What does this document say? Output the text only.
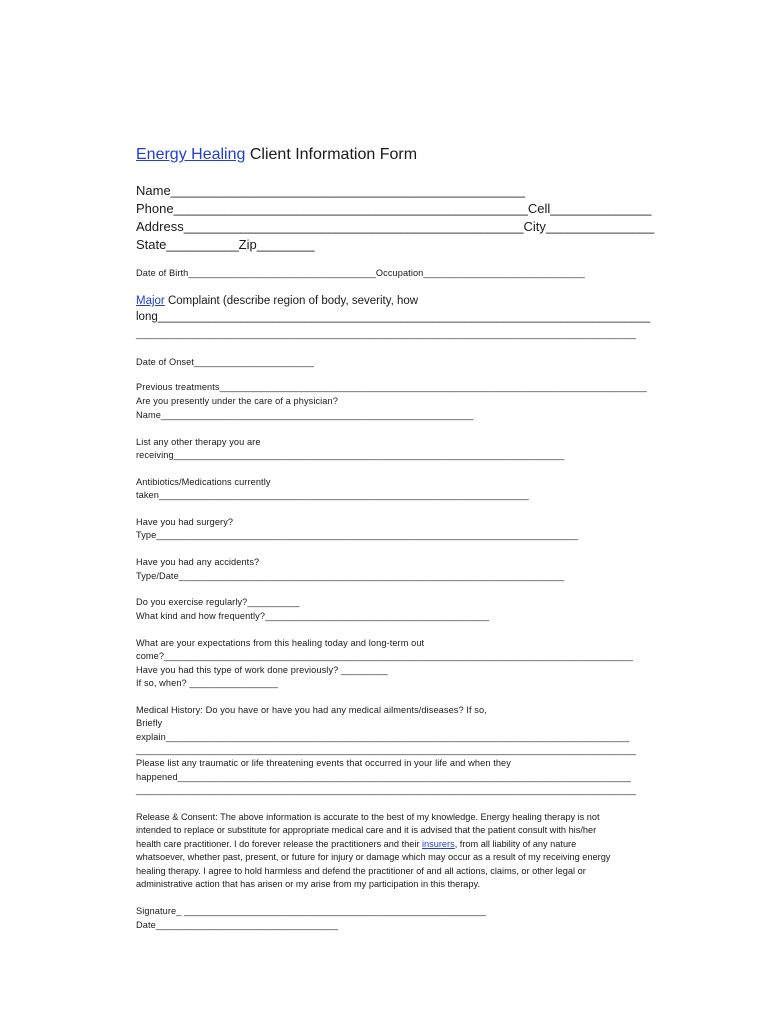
Energy Healing Client Information Form
Name_________________________________________________
Phone_________________________________________________Cell______________
Address_______________________________________________City_______________
State__________Zip________
Date of Birth____________________________________Occupation_______________________________
Major Complaint (describe region of body, severity, how
long_____________________________________________________________________________
________________________________________________________________________________________________
Date of Onset_______________________
Previous treatments__________________________________________________________________________________
Are you presently under the care of a physician?
Name____________________________________________________________
List any other therapy you are
receiving___________________________________________________________________________
Antibiotics/Medications currently
taken_______________________________________________________________________
Have you had surgery?
Type_________________________________________________________________________________
Have you had any accidents?
Type/Date__________________________________________________________________________
Do you exercise regularly?__________
What kind and how frequently?___________________________________________
What are your expectations from this healing today and long-term out
come?__________________________________________________________________________________________
Have you had this type of work done previously? _________
If so, when? _________________
Medical History: Do you have or have you had any medical ailments/diseases? If so,
Briefly
explain_________________________________________________________________________________________
________________________________________________________________________________________________
Please list any traumatic or life threatening events that occurred in your life and when they
happened_______________________________________________________________________________________
________________________________________________________________________________________________
Release & Consent: The above information is accurate to the best of my knowledge. Energy healing therapy is not
intended to replace or substitute for appropriate medical care and it is advised that the patient consult with his/her
health care practitioner. I do forever release the practitioners and their insurers, from all liability of any nature
whatsoever, whether past, present, or future for injury or damage which may occur as a result of my receiving energy
healing therapy. I agree to hold harmless and defend the practitioner of and all actions, claims, or other legal or
administrative action that has arisen or my arise from my participation in this therapy.
Signature_ __________________________________________________________
Date___________________________________
